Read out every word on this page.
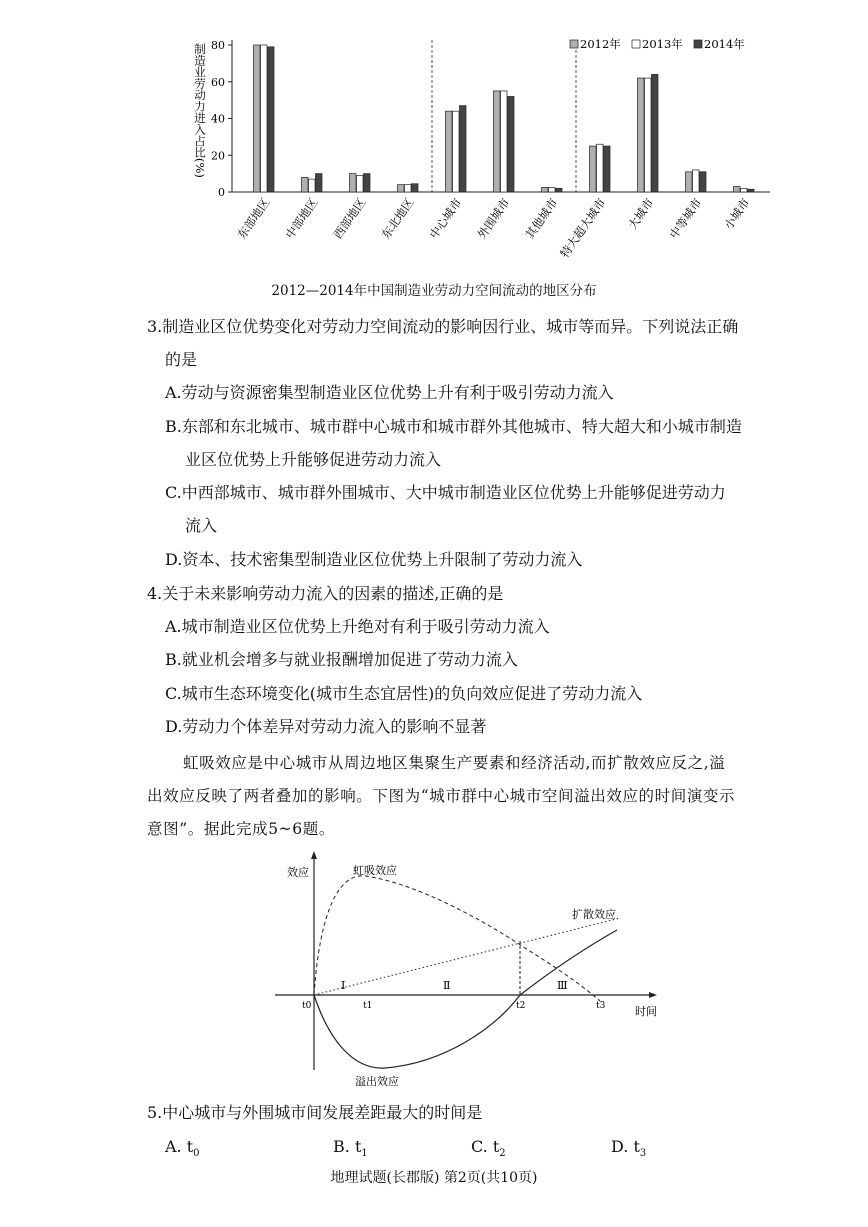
0
20
40
60
80
制造业劳动力进入占比(%)
东部地区 中部地区 西部地区 东北地区 中心城市 外围城市 其他城市
特大超大城市 大城市 中等城市 小城市
2012年 2013年 2014年
2012—2014年中国制造业劳动力空间流动的地区分布
3.制造业区位优势变化对劳动力空间流动的影响因行业、城市等而异。下列说法正确
的是
A.劳动与资源密集型制造业区位优势上升有利于吸引劳动力流入
B.东部和东北城市、城市群中心城市和城市群外其他城市、特大超大和小城市制造
业区位优势上升能够促进劳动力流入
C.中西部城市、城市群外围城市、大中城市制造业区位优势上升能够促进劳动力
流入
D.资本、技术密集型制造业区位优势上升限制了劳动力流入
4.关于未来影响劳动力流入的因素的描述,正确的是
A.城市制造业区位优势上升绝对有利于吸引劳动力流入
B.就业机会增多与就业报酬增加促进了劳动力流入
C.城市生态环境变化(城市生态宜居性)的负向效应促进了劳动力流入
D.劳动力个体差异对劳动力流入的影响不显著
虹吸效应是中心城市从周边地区集聚生产要素和经济活动,而扩散效应反之,溢
出效应反映了两者叠加的影响。下图为“城市群中心城市空间溢出效应的时间演变示
意图”。据此完成5~6题。
效应
时间
虹吸效应
扩散效应
溢出效应
Ⅰ	Ⅱ	Ⅲ
t0	t1	t2	t3
5.中心城市与外围城市间发展差距最大的时间是
A. $t_0$	B. $t_1$	C. $t_2$	D. $t_3$
地理试题(长郡版) 第2页(共10页)
